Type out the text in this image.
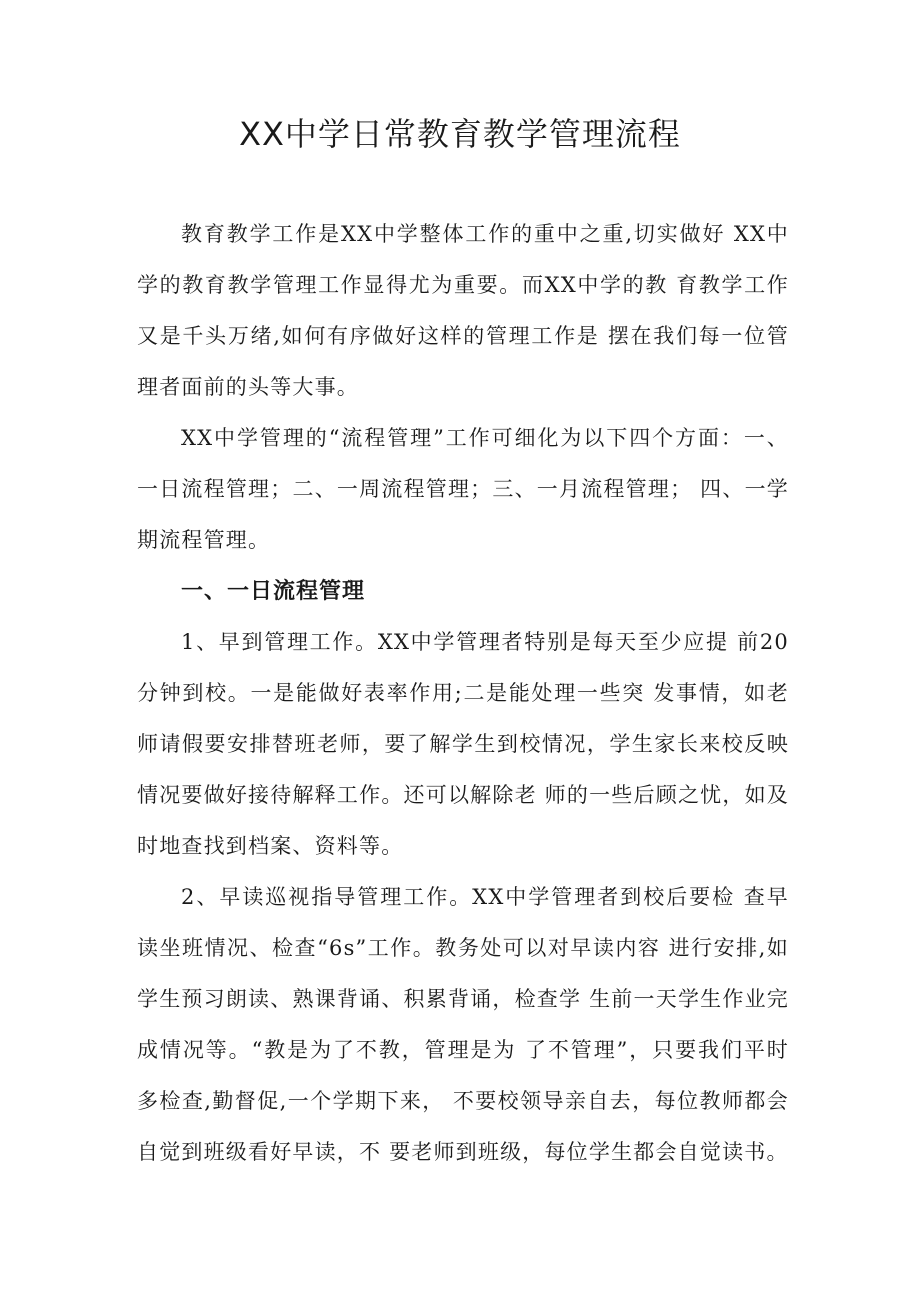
XX中学日常教育教学管理流程

教育教学工作是XX中学整体工作的重中之重,切实做好 XX中学的教育教学管理工作显得尤为重要。而XX中学的教 育教学工作又是千头万绪,如何有序做好这样的管理工作是 摆在我们每一位管理者面前的头等大事。

XX中学管理的“流程管理”工作可细化为以下四个方面：一、一日流程管理；二、一周流程管理；三、一月流程管理； 四、一学期流程管理。

一、一日流程管理

1、早到管理工作。XX中学管理者特别是每天至少应提 前20分钟到校。一是能做好表率作用;二是能处理一些突 发事情，如老师请假要安排替班老师，要了解学生到校情况，学生家长来校反映情况要做好接待解释工作。还可以解除老 师的一些后顾之忧，如及时地查找到档案、资料等。

2、早读巡视指导管理工作。XX中学管理者到校后要检 查早读坐班情况、检查“6s”工作。教务处可以对早读内容 进行安排,如学生预习朗读、熟课背诵、积累背诵，检查学 生前一天学生作业完成情况等。“教是为了不教，管理是为 了不管理”，只要我们平时多检查,勤督促,一个学期下来， 不要校领导亲自去，每位教师都会自觉到班级看好早读，不 要老师到班级，每位学生都会自觉读书。
